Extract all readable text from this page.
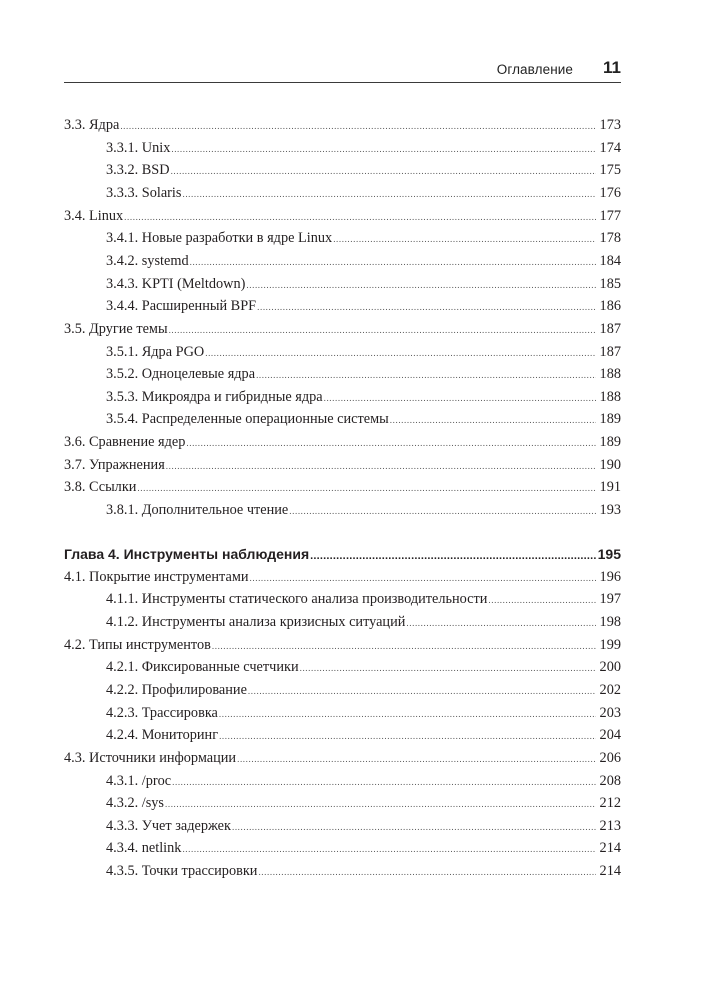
Оглавление 11
3.3. Ядра .....	173
3.3.1. Unix .....	174
3.3.2. BSD .....	175
3.3.3. Solaris .....	176
3.4. Linux .....	177
3.4.1. Новые разработки в ядре Linux .....	178
3.4.2. systemd .....	184
3.4.3. KPTI (Meltdown) .....	185
3.4.4. Расширенный BPF .....	186
3.5. Другие темы .....	187
3.5.1. Ядра PGO .....	187
3.5.2. Одноцелевые ядра .....	188
3.5.3. Микроядра и гибридные ядра .....	188
3.5.4. Распределенные операционные системы .....	189
3.6. Сравнение ядер .....	189
3.7. Упражнения .....	190
3.8. Ссылки .....	191
3.8.1. Дополнительное чтение .....	193
Глава 4. Инструменты наблюдения .....	195
4.1. Покрытие инструментами .....	196
4.1.1. Инструменты статического анализа производительности .....	197
4.1.2. Инструменты анализа кризисных ситуаций .....	198
4.2. Типы инструментов .....	199
4.2.1. Фиксированные счетчики .....	200
4.2.2. Профилирование .....	202
4.2.3. Трассировка .....	203
4.2.4. Мониторинг .....	204
4.3. Источники информации .....	206
4.3.1. /proc .....	208
4.3.2. /sys .....	212
4.3.3. Учет задержек .....	213
4.3.4. netlink .....	214
4.3.5. Точки трассировки .....	214
